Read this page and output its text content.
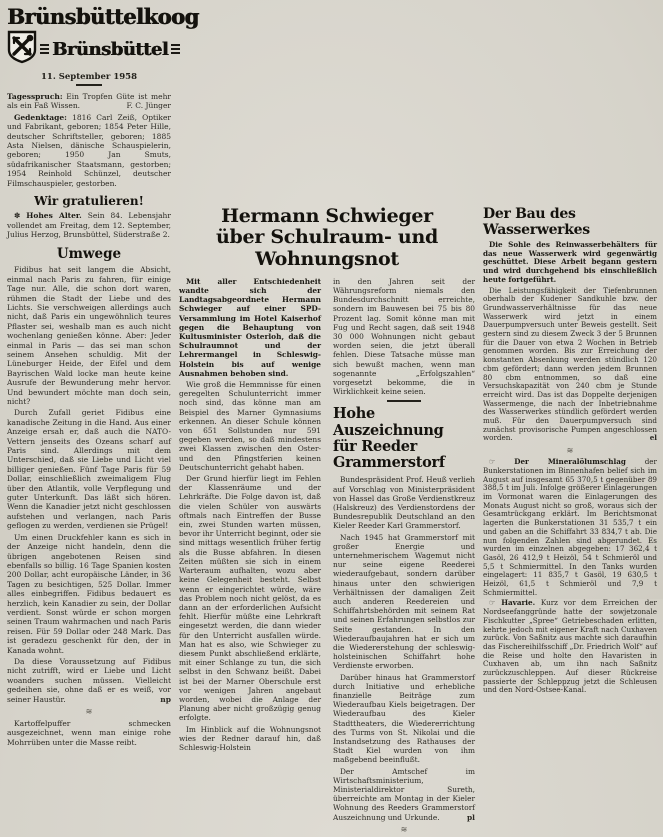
Brünsbüttelkoog
Brünsbüttel
11. September 1958

Tagesspruch: Ein Tropfen Güte ist mehr als ein Faß Wissen.	F. C. Jünger

Gedenktage: 1816 Carl Zeiß, Optiker und Fabrikant, geboren; 1854 Peter Hille, deutscher Schriftsteller, geboren; 1885 Asta Nielsen, dänische Schauspielerin, geboren; 1950 Jan Smuts, südafrikanischer Staatsmann, gestorben; 1954 Reinhold Schünzel, deutscher Filmschauspieler, gestorben.

Wir gratulieren!

✽ Hohes Alter. Sein 84. Lebensjahr vollendet am Freitag, dem 12. September, Julius Herzog, Brunsbüttel, Süderstraße 2.

Umwege

Fidibus hat seit langem die Absicht, einmal nach Paris zu fahren, für einige Tage nur. Alle, die schon dort waren, rühmen die Stadt der Liebe und des Lichts. Sie verschweigen allerdings auch nicht, daß Paris ein ungewöhnlich teures Pflaster sei, weshalb man es auch nicht wochenlang genießen könne. Aber: Jeder einmal in Paris — das sei man schon seinem Ansehen schuldig. Mit der Lüneburger Heide, der Eifel und dem Bayrischen Wald locke man heute keine Ausrufe der Bewunderung mehr hervor. Und bewundert möchte man doch sein, nicht?

Durch Zufall geriet Fidibus eine kanadische Zeitung in die Hand. Aus einer Anzeige ersah er, daß auch die NATO-Vettern jenseits des Ozeans scharf auf Paris sind. Allerdings mit dem Unterschied, daß sie Liebe und Licht viel billiger genießen. Fünf Tage Paris für 59 Dollar, einschließlich zweimaligem Flug über den Atlantik, volle Verpflegung und guter Unterkunft. Das läßt sich hören. Wenn die Kanadier jetzt nicht geschlossen aufstehen und verlangen, nach Paris geflogen zu werden, verdienen sie Prügel!

Um einen Druckfehler kann es sich in der Anzeige nicht handeln, denn die übrigen angebotenen Reisen sind ebenfalls so billig. 16 Tage Spanien kosten 200 Dollar, acht europäische Länder, in 36 Tagen zu besichtigen, 525 Dollar. Immer alles einbegriffen. Fidibus bedauert es herzlich, kein Kanadier zu sein, der Dollar verdient. Sonst würde er schon morgen seinen Traum wahrmachen und nach Paris reisen. Für 59 Dollar oder 248 Mark. Das ist geradezu geschenkt für den, der in Kanada wohnt.

Da diese Voraussetzung auf Fidibus nicht zutrifft, wird er Liebe und Licht woanders suchen müssen. Vielleicht gedeihen sie, ohne daß er es weiß, vor seiner Haustür.	np

≋

Kartoffelpuffer schmecken ausgezeichnet, wenn man einige rohe Mohrrüben unter die Masse reibt.

Hermann Schwieger
über Schulraum- und Wohnungsnot

Mit aller Entschiedenheit wandte sich der Landtagsabgeordnete Hermann Schwieger auf einer SPD-Versammlung im Hotel Kaiserhof gegen die Behauptung von Kultusminister Osterloh, daß die Schulraumnot und der Lehrermangel in Schleswig-Holstein bis auf wenige Ausnahmen behoben sind.

Wie groß die Hemmnisse für einen geregelten Schulunterricht immer noch sind, das könne man am Beispiel des Marner Gymnasiums erkennen. An dieser Schule können von 651 Sollstunden nur 591 gegeben werden, so daß mindestens zwei Klassen zwischen den Oster- und den Pfingstferien keinen Deutschunterricht gehabt haben.

Der Grund hierfür liegt im Fehlen der Klassenräume und der Lehrkräfte. Die Folge davon ist, daß die vielen Schüler von auswärts oftmals nach Eintreffen der Busse ein, zwei Stunden warten müssen, bevor ihr Unterricht beginnt, oder sie sind mittags wesentlich früher fertig als die Busse abfahren. In diesen Zeiten müßten sie sich in einem Warteraum aufhalten, wozu aber keine Gelegenheit besteht. Selbst wenn er eingerichtet würde, wäre das Problem noch nicht gelöst, da es dann an der erforderlichen Aufsicht fehlt. Hierfür müßte eine Lehrkraft eingesetzt werden, die dann wieder für den Unterricht ausfallen würde. Man hat es also, wie Schwieger zu diesem Punkt abschließend erklärte, mit einer Schlange zu tun, die sich selbst in den Schwanz beißt. Dabei ist bei der Marner Oberschule erst vor wenigen Jahren angebaut worden, wobei die Anlage der Planung aber nicht großzügig genug erfolgte.

Im Hinblick auf die Wohnungsnot wies der Redner darauf hin, daß Schleswig-Holstein

in den Jahren seit der Währungsreform niemals den Bundesdurchschnitt erreichte, sondern im Bauwesen bei 75 bis 80 Prozent lag. Somit könne man mit Fug und Recht sagen, daß seit 1948 30 000 Wohnungen nicht gebaut worden seien, die jetzt überall fehlen. Diese Tatsache müsse man sich bewußt machen, wenn man sogenannte „Erfolgszahlen“ vorgesetzt bekomme, die in Wirklichkeit keine seien.

Hohe Auszeichnung
für Reeder Grammerstorf

Bundespräsident Prof. Heuß verlieh auf Vorschlag von Ministerpräsident von Hassel das Große Verdienstkreuz (Halskreuz) des Verdienstordens der Bundesrepublik Deutschland an den Kieler Reeder Karl Grammerstorf.

Nach 1945 hat Grammerstorf mit großer Energie und unternehmerischem Wagemut nicht nur seine eigene Reederei wiederaufgebaut, sondern darüber hinaus unter den schwierigen Verhältnissen der damaligen Zeit auch anderen Reedereien und Schiffahrtsbehörden mit seinem Rat und seinen Erfahrungen selbstlos zur Seite gestanden. In den Wiederaufbaujahren hat er sich um die Wiedererstehung der schleswig-holsteinischen Schiffahrt hohe Verdienste erworben.

Darüber hinaus hat Grammerstorf durch Initiative und erhebliche finanzielle Beiträge zum Wiederaufbau Kiels beigetragen. Der Wiederaufbau des Kieler Stadttheaters, die Wiedererrichtung des Turms von St. Nikolai und die Instandsetzung des Rathauses der Stadt Kiel wurden von ihm maßgebend beeinflußt.

Der Amtschef im Wirtschaftsministerium, Ministerialdirektor Sureth, überreichte am Montag in der Kieler Wohnung des Reeders Grammerstorf Auszeichnung und Urkunde.	pl

≋
Der Bau des Wasserwerkes

Die Sohle des Reinwasserbehälters für das neue Wasserwerk wird gegenwärtig geschüttet. Diese Arbeit begann gestern und wird durchgehend bis einschließlich heute fortgeführt.

Die Leistungsfähigkeit der Tiefenbrunnen oberhalb der Kudener Sandkuhle bzw. der Grundwasserverhältnisse für das neue Wasserwerk wird jetzt in einem Dauerpumpversuch unter Beweis gestellt. Seit gestern sind zu diesem Zweck 3 der 5 Brunnen für die Dauer von etwa 2 Wochen in Betrieb genommen worden. Bis zur Erreichung der konstanten Absenkung werden stündlich 120 cbm gefördert; dann werden jedem Brunnen 80 cbm entnommen, so daß eine Versuchskapazität von 240 cbm je Stunde erreicht wird. Das ist das Doppelte derjenigen Wassermenge, die nach der Inbetriebnahme des Wasserwerkes stündlich gefördert werden muß. Für den Dauerpumpversuch sind zunächst provisorische Pumpen angeschlossen worden.	el

≋

☞	Der Mineralölumschlag	der Bunkerstationen im Binnenhafen belief sich im August auf insgesamt 65 370,5 t gegenüber 89 388,5 t im Juli. Infolge größerer Einlagerungen im Vormonat waren die Einlagerungen des Monats August nicht so groß, woraus sich der Gesamtrückgang erklärt. Im Berichtsmonat lagerten die Bunkerstationen 31 535,7 t ein und gaben an die Schiffahrt 33 834,7 t ab. Die nun folgenden Zahlen sind abgerundet. Es wurden im einzelnen abgegeben: 17 362,4 t Gasöl, 26 412,9 t Heizöl, 54 t Schmieröl und 5,5 t Schmiermittel. In den Tanks wurden eingelagert: 11 835,7 t Gasöl, 19 630,5 t Heizöl, 61,5 t Schmieröl und 7,9 t Schmiermittel.

☞ Havarie. Kurz vor dem Erreichen der Nordseefanggründe hatte der sowjetzonale Fischkutter „Spree“ Getriebeschaden erlitten, kehrte jedoch mit eigener Kraft nach Cuxhaven zurück. Von Saßnitz aus machte sich daraufhin das Fischereihilfsschiff „Dr. Friedrich Wolf“ auf die Reise und holte den Havaristen in Cuxhaven ab, um ihn nach Saßnitz zurückzuschleppen. Auf dieser Rückreise passierte der Schleppzug jetzt die Schleusen und den Nord-Ostsee-Kanal.
